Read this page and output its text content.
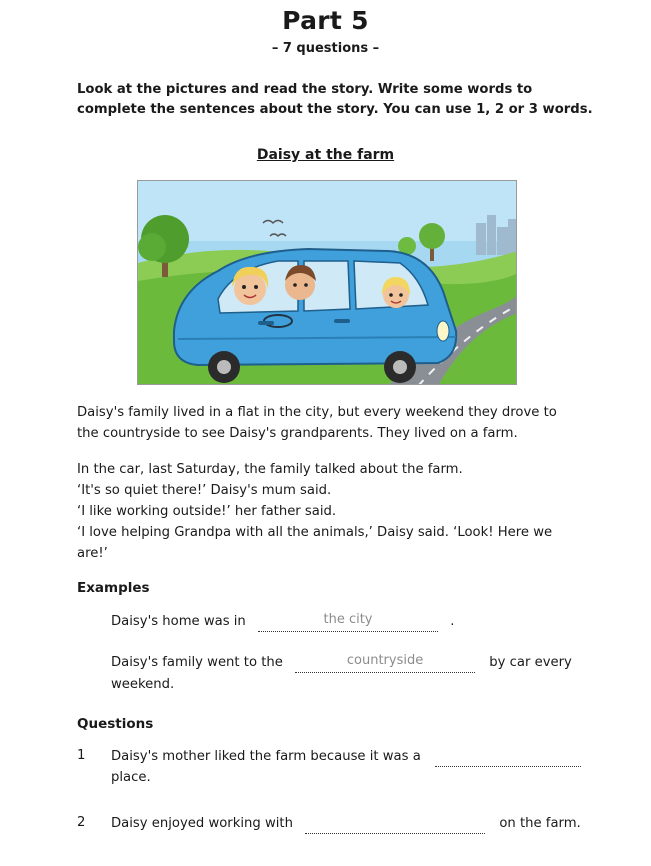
Part 5
– 7 questions –
Look at the pictures and read the story. Write some words to
complete the sentences about the story. You can use 1, 2 or 3 words.
Daisy at the farm
Daisy's family lived in a flat in the city, but every weekend they drove to
the countryside to see Daisy's grandparents. They lived on a farm.
In the car, last Saturday, the family talked about the farm.
‘It's so quiet there!’ Daisy's mum said.
‘I like working outside!’ her father said.
‘I love helping Grandpa with all the animals,’ Daisy said. ‘Look! Here we
are!’
Examples
Daisy's home was in	the city	.
Daisy's family went to the	countryside	by car every
weekend.
Questions
1 Daisy's mother liked the farm because it was a
place.
2 Daisy enjoyed working with	on the farm.
